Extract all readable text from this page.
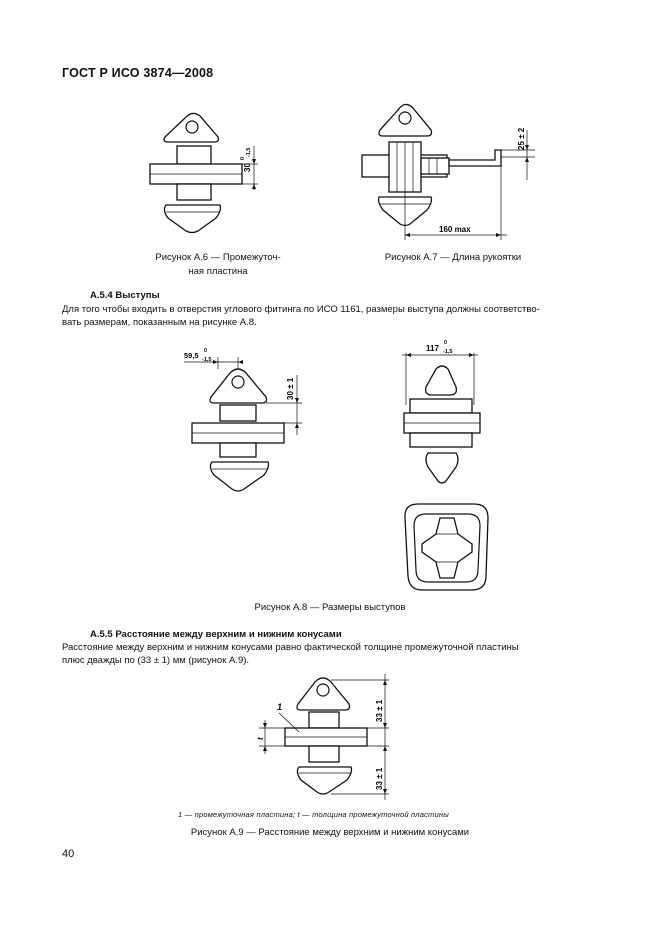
ГОСТ Р ИСО 3874—2008
30
0
-1,5
Рисунок А.6 — Промежуточ-
ная пластина
25 ± 2
160 max
Рисунок А.7 — Длина рукоятки
А.5.4 Выступы
Для того чтобы входить в отверстия углового фитинга по ИСО 1161, размеры выступа должны соответство-
вать размерам, показанным на рисунке А.8.
59,5 0
-1,5
30 ± 1
117
0
-1,5
Рисунок А.8 — Размеры выступов
А.5.5 Расстояние между верхним и нижним конусами
Расстояние между верхним и нижним конусами равно фактической толщине промежуточной пластины
плюс дважды по (33 ± 1) мм (рисунок А.9).
1
t
33 ± 1
33 ± 1
1 — промежуточная пластина; t — толщина промежуточной пластины
Рисунок А.9 — Расстояние между верхним и нижним конусами
40
